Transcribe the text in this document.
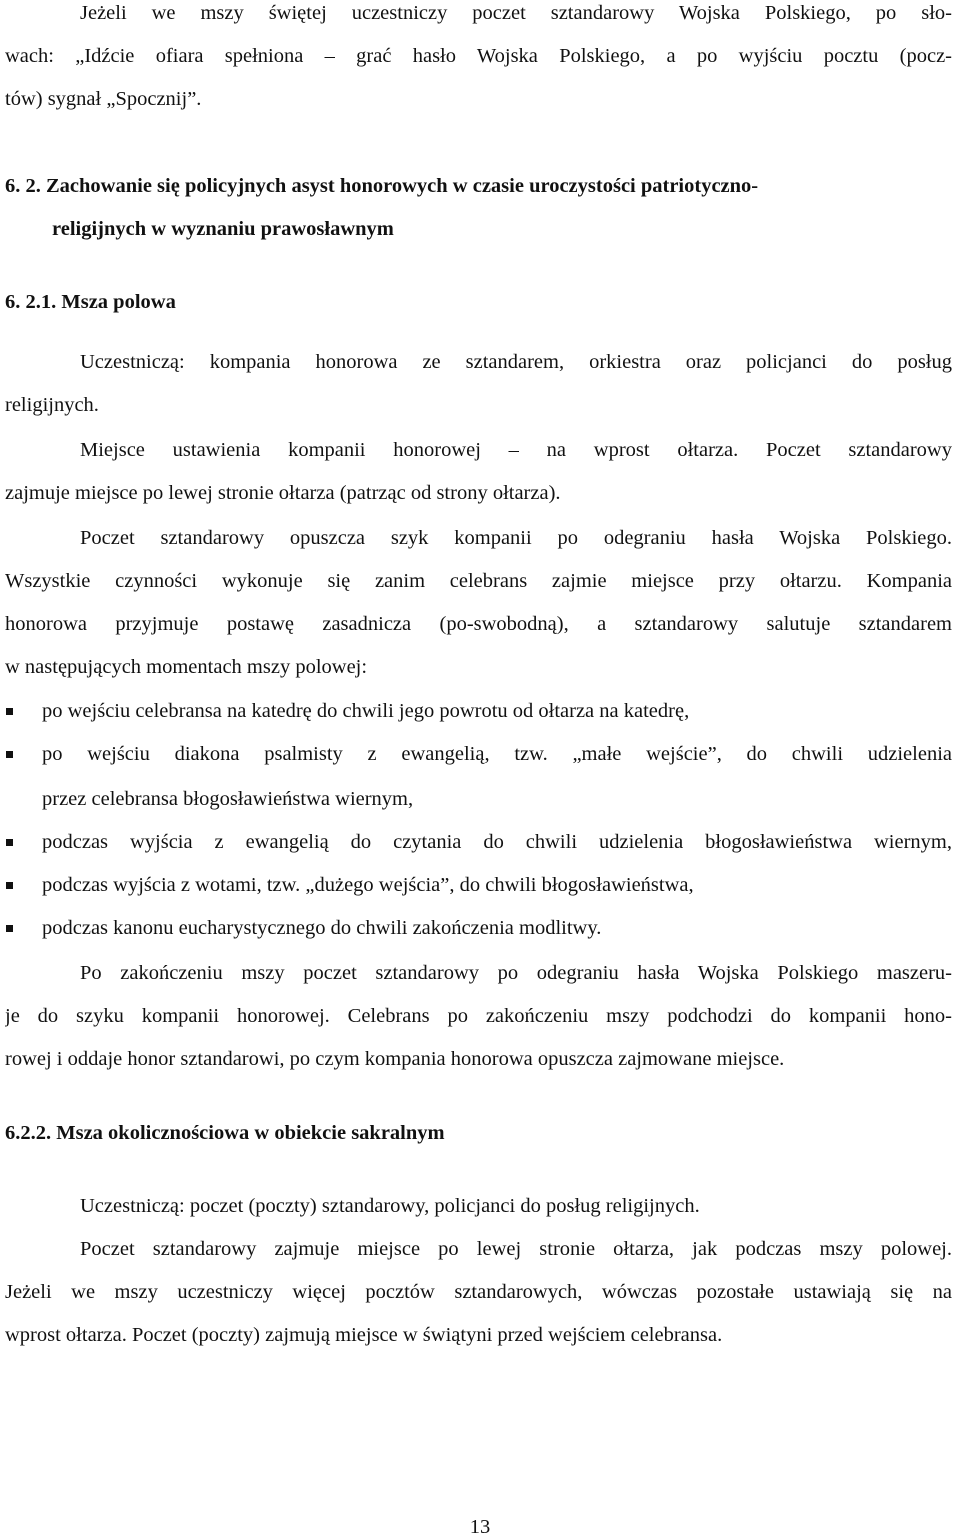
Jeżeli we mszy świętej uczestniczy poczet sztandarowy Wojska Polskiego, po sło-
wach: „Idźcie ofiara spełniona – grać hasło Wojska Polskiego, a po wyjściu pocztu (pocz-
tów) sygnał „Spocznij”.
6. 2. Zachowanie się policyjnych asyst honorowych w czasie uroczystości patriotyczno-
religijnych w wyznaniu prawosławnym
6. 2.1. Msza polowa
Uczestniczą: kompania honorowa ze sztandarem, orkiestra oraz policjanci do posług
religijnych.
Miejsce ustawienia kompanii honorowej – na wprost ołtarza. Poczet sztandarowy
zajmuje miejsce po lewej stronie ołtarza (patrząc od strony ołtarza).
Poczet sztandarowy opuszcza szyk kompanii po odegraniu hasła Wojska Polskiego.
Wszystkie czynności wykonuje się zanim celebrans zajmie miejsce przy ołtarzu. Kompania
honorowa przyjmuje postawę zasadnicza (po-swobodną), a sztandarowy salutuje sztandarem
w następujących momentach mszy polowej:
po wejściu celebransa na katedrę do chwili jego powrotu od ołtarza na katedrę,
po wejściu diakona psalmisty z ewangelią, tzw. „małe wejście”, do chwili udzielenia
przez celebransa błogosławieństwa wiernym,
podczas wyjścia z ewangelią do czytania do chwili udzielenia błogosławieństwa wiernym,
podczas wyjścia z wotami, tzw. „dużego wejścia”, do chwili błogosławieństwa,
podczas kanonu eucharystycznego do chwili zakończenia modlitwy.
Po zakończeniu mszy poczet sztandarowy po odegraniu hasła Wojska Polskiego maszeru-
je do szyku kompanii honorowej. Celebrans po zakończeniu mszy podchodzi do kompanii hono-
rowej i oddaje honor sztandarowi, po czym kompania honorowa opuszcza zajmowane miejsce.
6.2.2. Msza okolicznościowa w obiekcie sakralnym
Uczestniczą: poczet (poczty) sztandarowy, policjanci do posług religijnych.
Poczet sztandarowy zajmuje miejsce po lewej stronie ołtarza, jak podczas mszy polowej.
Jeżeli we mszy uczestniczy więcej pocztów sztandarowych, wówczas pozostałe ustawiają się na
wprost ołtarza. Poczet (poczty) zajmują miejsce w świątyni przed wejściem celebransa.
13
